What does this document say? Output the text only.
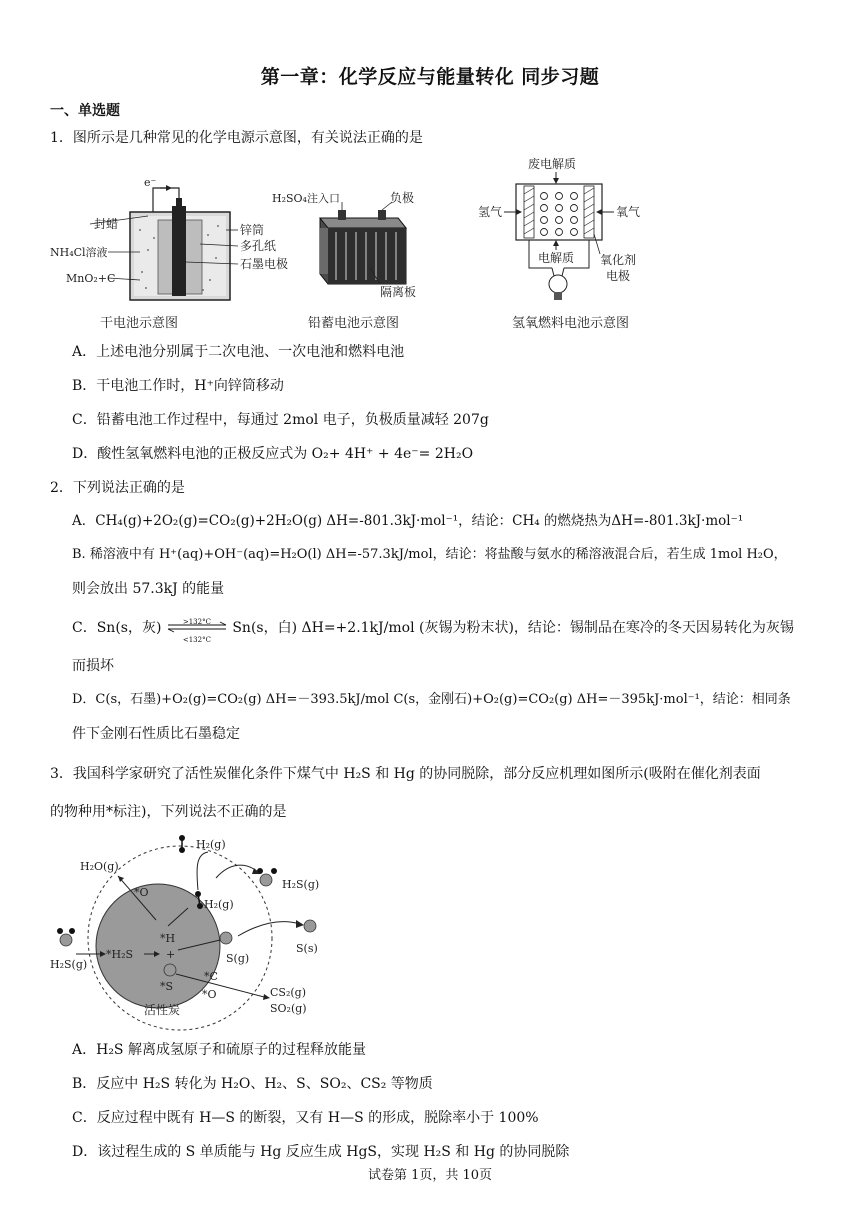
第一章：化学反应与能量转化 同步习题
一、单选题
1．图所示是几种常见的化学电源示意图，有关说法正确的是
e⁻
封蜡
NH₄Cl溶液
MnO₂+C
锌筒
多孔纸
石墨电极
干电池示意图
H₂SO₄注入口	负极
隔离板
铅蓄电池示意图
废电解质
氢气	氧气
电解质 氧化剂
电极
氢氧燃料电池示意图
A．上述电池分别属于二次电池、一次电池和燃料电池
B．干电池工作时，H⁺向锌筒移动
C．铅蓄电池工作过程中，每通过 2mol 电子，负极质量减轻 207g
D．酸性氢氧燃料电池的正极反应式为 O₂+ 4H⁺ + 4e⁻= 2H₂O
2．下列说法正确的是
A．CH₄(g)+2O₂(g)=CO₂(g)+2H₂O(g) ΔH=-801.3kJ·mol⁻¹，结论：CH₄ 的燃烧热为ΔH=-801.3kJ·mol⁻¹
B. 稀溶液中有 H⁺(aq)+OH⁻(aq)=H₂O(l) ΔH=-57.3kJ/mol，结论：将盐酸与氨水的稀溶液混合后，若生成 1mol H₂O，
则会放出 57.3kJ 的能量
C．Sn(s，灰)	>132°C
<132°C
Sn(s，白) ΔH=+2.1kJ/mol (灰锡为粉末状)，结论：锡制品在寒冷的冬天因易转化为灰锡
而损坏
D．C(s，石墨)+O₂(g)=CO₂(g) ΔH=－393.5kJ/mol C(s，金刚石)+O₂(g)=CO₂(g) ΔH=－395kJ·mol⁻¹，结论：相同条
件下金刚石性质比石墨稳定
3．我国科学家研究了活性炭催化条件下煤气中 H₂S 和 Hg 的协同脱除，部分反应机理如图所示(吸附在催化剂表面
的物种用*标注)，下列说法不正确的是
活性炭
H₂(g)
H₂O(g)
*O
H₂S(g)
H₂(g)
S(g)
S(s)
H₂S(g)
*H₂S
*H
+
*S
*C
*O	CS₂(g)
SO₂(g)
A．H₂S 解离成氢原子和硫原子的过程释放能量
B．反应中 H₂S 转化为 H₂O、H₂、S、SO₂、CS₂ 等物质
C．反应过程中既有 H—S 的断裂，又有 H—S 的形成，脱除率小于 100%
D．该过程生成的 S 单质能与 Hg 反应生成 HgS，实现 H₂S 和 Hg 的协同脱除
试卷第 1页，共 10页
